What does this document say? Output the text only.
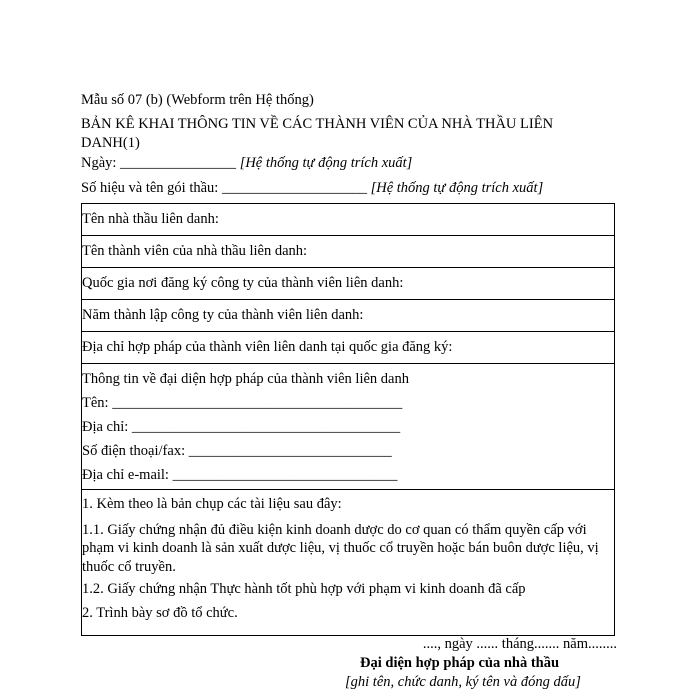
Mẫu số 07 (b) (Webform trên Hệ thống)
BẢN KÊ KHAI THÔNG TIN VỀ CÁC THÀNH VIÊN CỦA NHÀ THẦU LIÊN DANH(1)
Ngày: ________________ [Hệ thống tự động trích xuất]
Số hiệu và tên gói thầu: ____________________ [Hệ thống tự động trích xuất]
Tên nhà thầu liên danh:
Tên thành viên của nhà thầu liên danh:
Quốc gia nơi đăng ký công ty của thành viên liên danh:
Năm thành lập công ty của thành viên liên danh:
Địa chỉ hợp pháp của thành viên liên danh tại quốc gia đăng ký:
Thông tin về đại diện hợp pháp của thành viên liên danh
Tên: ________________________________________
Địa chỉ: _____________________________________
Số điện thoại/fax: ____________________________
Địa chỉ e-mail: _______________________________
1. Kèm theo là bản chụp các tài liệu sau đây:
1.1. Giấy chứng nhận đủ điều kiện kinh doanh dược do cơ quan có thẩm quyền cấp với phạm vi kinh doanh là sản xuất dược liệu, vị thuốc cổ truyền hoặc bán buôn dược liệu, vị thuốc cổ truyền.
1.2. Giấy chứng nhận Thực hành tốt phù hợp với phạm vi kinh doanh đã cấp
2. Trình bày sơ đồ tổ chức.
...., ngày ...... tháng....... năm........
Đại diện hợp pháp của nhà thầu
[ghi tên, chức danh, ký tên và đóng dấu]
